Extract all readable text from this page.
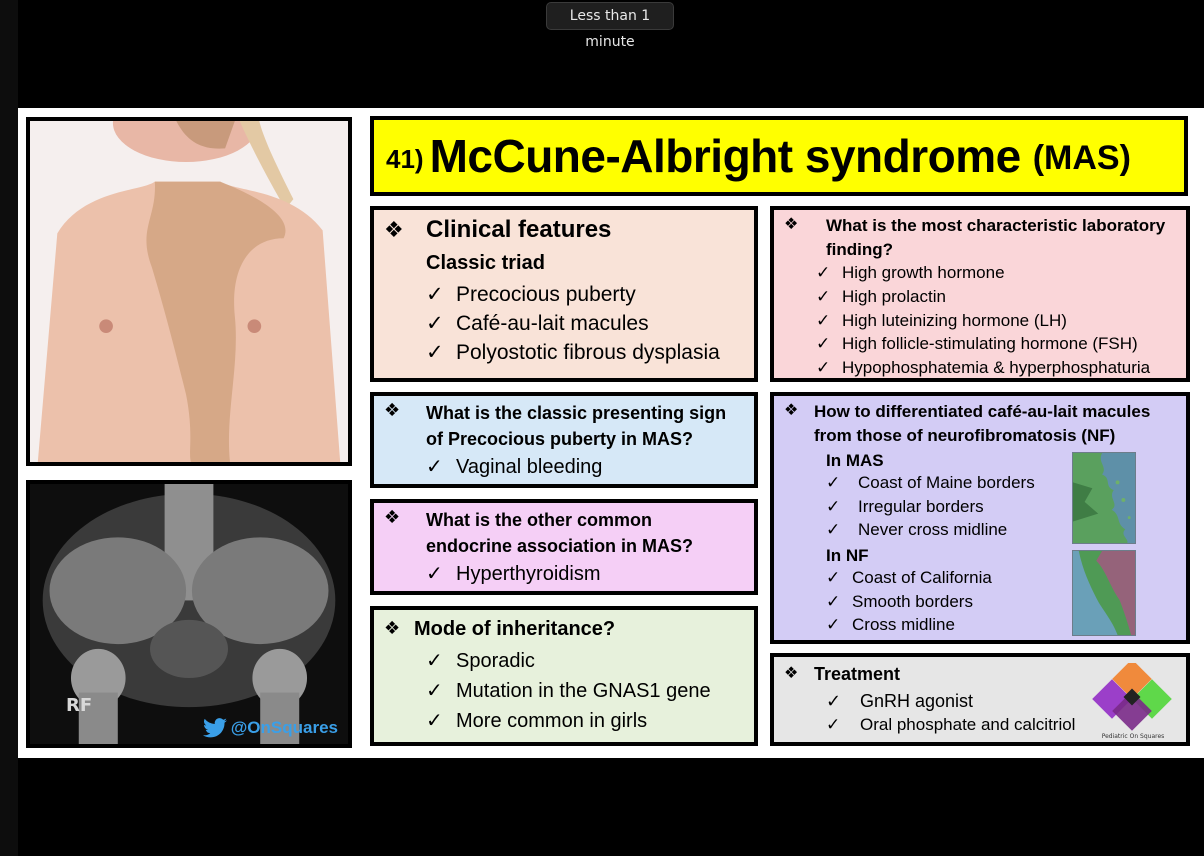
Less than 1 minute
RF
@OnSquares
41) McCune-Albright syndrome (MAS)
❖ Clinical features
Classic triad
✓ Precocious puberty
✓ Café-au-lait macules
✓ Polyostotic fibrous dysplasia
❖ What is the most characteristic laboratory
finding?
✓ High growth hormone
✓ High prolactin
✓ High luteinizing hormone (LH)
✓ High follicle-stimulating hormone (FSH)
✓ Hypophosphatemia & hyperphosphaturia
❖ What is the classic presenting sign
of Precocious puberty in MAS?
✓ Vaginal bleeding
❖ What is the other common
endocrine association in MAS?
✓ Hyperthyroidism
❖ Mode of inheritance?
✓ Sporadic
✓ Mutation in the GNAS1 gene
✓ More common in girls
❖ How to differentiated café-au-lait macules
from those of neurofibromatosis (NF)
In MAS
✓	Coast of Maine borders
✓	Irregular borders
✓	Never cross midline
In NF
✓ Coast of California
✓ Smooth borders
✓ Cross midline
❖ Treatment
✓	GnRH agonist
✓	Oral phosphate and calcitriol
Pediatric On Squares
